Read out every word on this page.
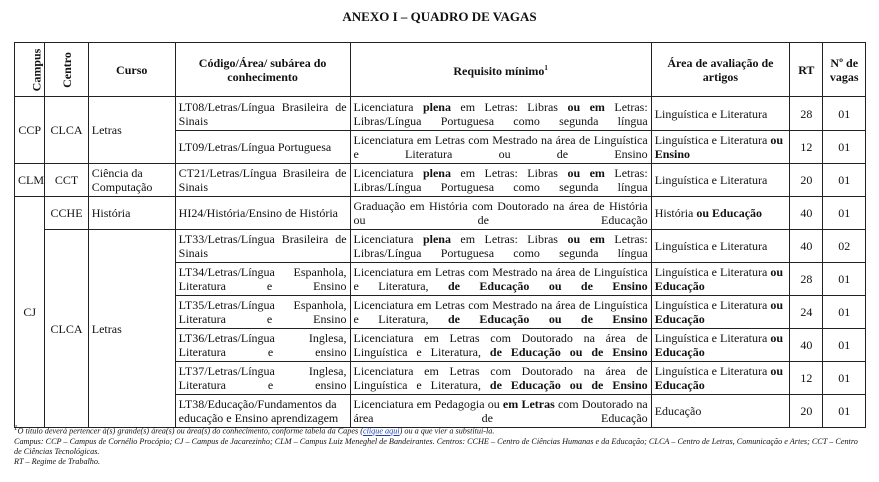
ANEXO I – QUADRO DE VAGAS
Campus	Centro	Curso	Código/Área/ subárea do conhecimento	Requisito mínimo$^1$	Área de avaliação de artigos	RT	Nº de vagas
CCP	CLCA	Letras	LT08/Letras/Língua Brasileira de Sinais	Licenciatura plena em Letras: Libras ou em Letras: Libras/Língua Portuguesa como segunda língua	Linguística e Literatura	28	01
			LT09/Letras/Língua Portuguesa	Licenciatura em Letras com Mestrado na área de Linguística e Literatura ou de Ensino	Linguística e Literatura ou Ensino	12	01
CLM	CCT	Ciência da Computação	CT21/Letras/Língua Brasileira de Sinais	Licenciatura plena em Letras: Libras ou em Letras: Libras/Língua Portuguesa como segunda língua	Linguística e Literatura	20	01
CJ	CCHE	História	HI24/História/Ensino de História	Graduação em História com Doutorado na área de História ou de Educação	História ou Educação	40	01
	CLCA	Letras	LT33/Letras/Língua Brasileira de Sinais	Licenciatura plena em Letras: Libras ou em Letras: Libras/Língua Portuguesa como segunda língua	Linguística e Literatura	40	02
			LT34/Letras/Língua Espanhola, Literatura e Ensino	Licenciatura em Letras com Mestrado na área de Linguística e Literatura, de Educação ou de Ensino	Linguística e Literatura ou Educação	28	01
			LT35/Letras/Língua Espanhola, Literatura e Ensino	Licenciatura em Letras com Mestrado na área de Linguística e Literatura, de Educação ou de Ensino	Linguística e Literatura ou Educação	24	01
			LT36/Letras/Língua Inglesa, Literatura e ensino	Licenciatura em Letras com Doutorado na área de Linguística e Literatura, de Educação ou de Ensino	Linguística e Literatura ou Educação	40	01
			LT37/Letras/Língua Inglesa, Literatura e ensino	Licenciatura em Letras com Doutorado na área de Linguística e Literatura, de Educação ou de Ensino	Linguística e Literatura ou Educação	12	01
			LT38/Educação/Fundamentos da educação e Ensino aprendizagem	Licenciatura em Pedagogia ou em Letras com Doutorado na área de Educação	Educação	20	01
$^1$O título deverá pertencer à(s) grande(s) área(s) ou área(s) do conhecimento, conforme tabela da Capes (clique aqui) ou a que vier a substituí-la.
Campus: CCP – Campus de Cornélio Procópio; CJ – Campus de Jacarezinho; CLM – Campus Luiz Meneghel de Bandeirantes. Centros: CCHE – Centro de Ciências Humanas e da Educação; CLCA – Centro de Letras, Comunicação e Artes; CCT – Centro de Ciências Tecnológicas.
RT – Regime de Trabalho.
